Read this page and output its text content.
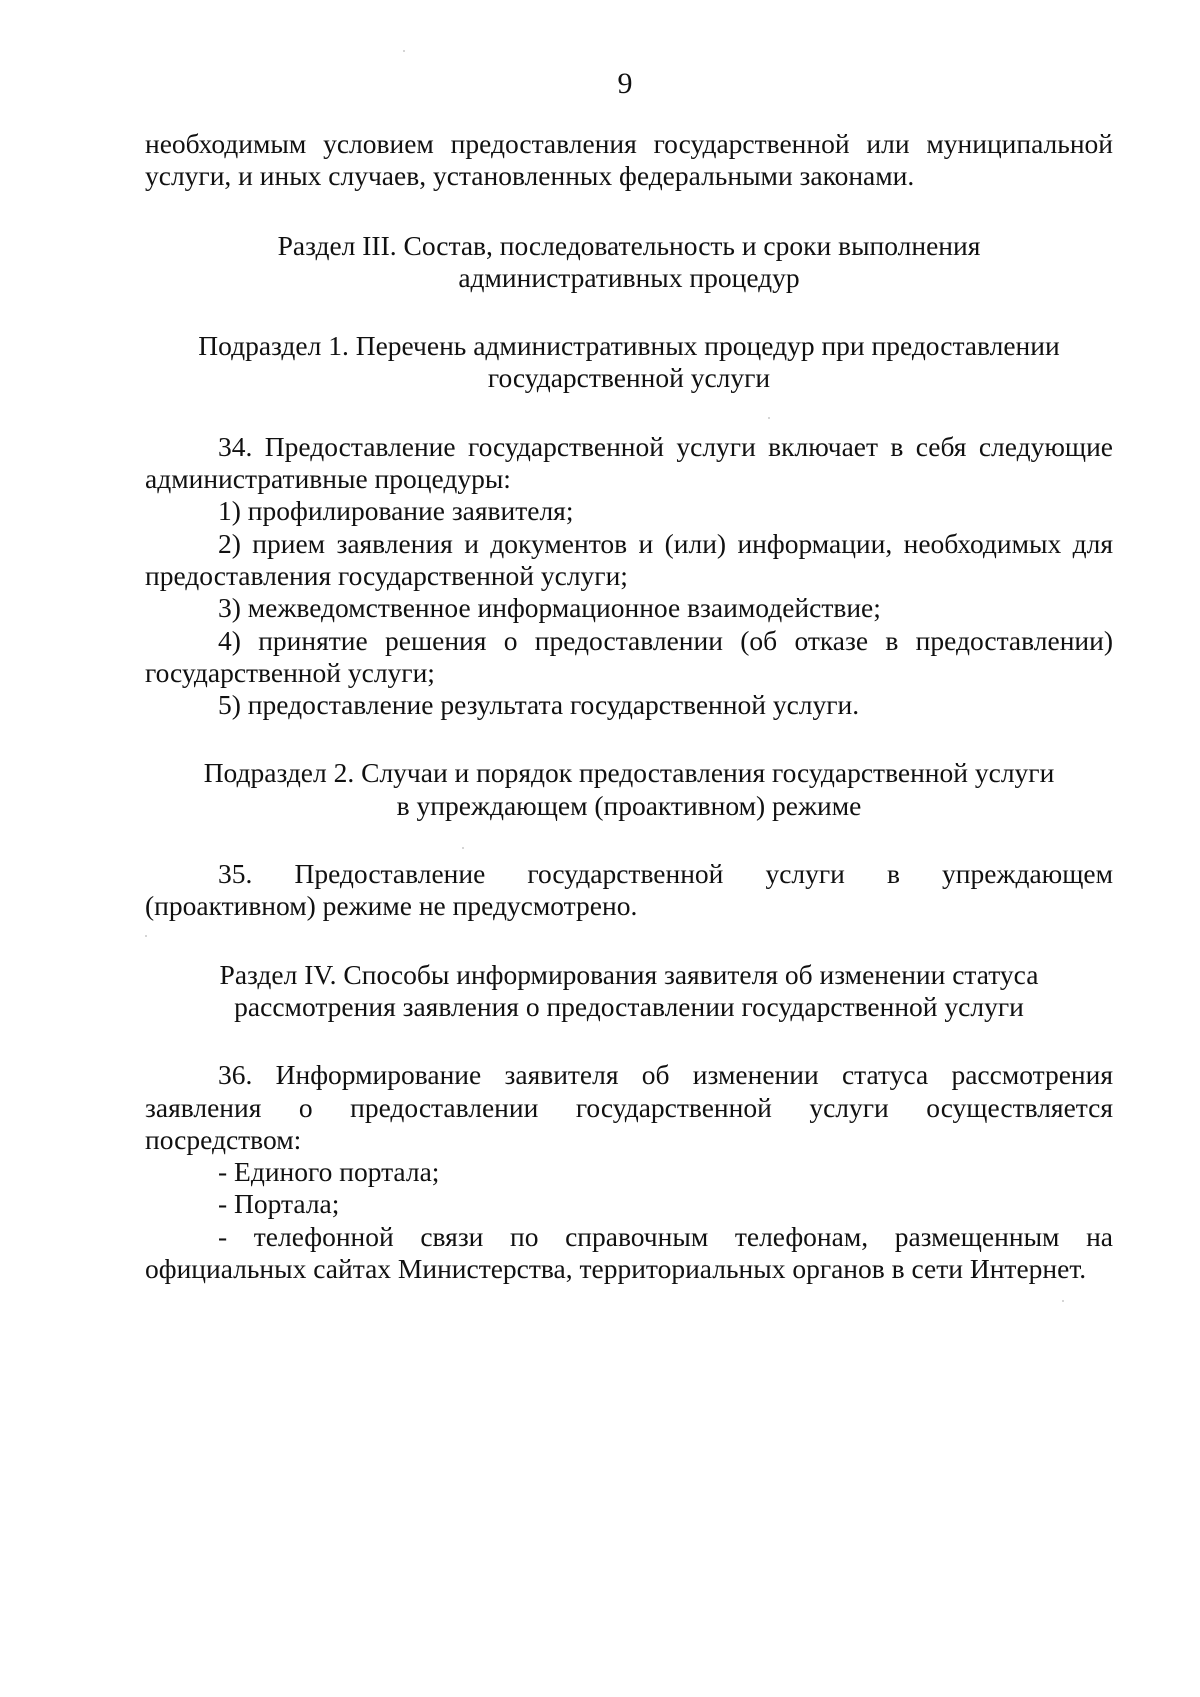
9

необходимым условием предоставления государственной или муниципальной
услуги, и иных случаев, установленных федеральными законами.

Раздел III. Состав, последовательность и сроки выполнения
административных процедур
Подраздел 1. Перечень административных процедур при предоставлении
государственной услуги

34. Предоставление государственной услуги включает в себя следующие административные процедуры:

1) профилирование заявителя;

2) прием заявления и документов и (или) информации, необходимых для предоставления государственной услуги;

3) межведомственное информационное взаимодействие;

4) принятие решения о предоставлении (об отказе в предоставлении) государственной услуги;

5) предоставление результата государственной услуги.

Подраздел 2. Случаи и порядок предоставления государственной услуги
в упреждающем (проактивном) режиме

35. Предоставление государственной услуги в упреждающем (проактивном) режиме не предусмотрено.

Раздел IV. Способы информирования заявителя об изменении статуса
рассмотрения заявления о предоставлении государственной услуги

36. Информирование заявителя об изменении статуса рассмотрения заявления о предоставлении государственной услуги осуществляется посредством:

- Единого портала;

- Портала;

- телефонной связи по справочным телефонам, размещенным на официальных сайтах Министерства, территориальных органов в сети Интернет.
